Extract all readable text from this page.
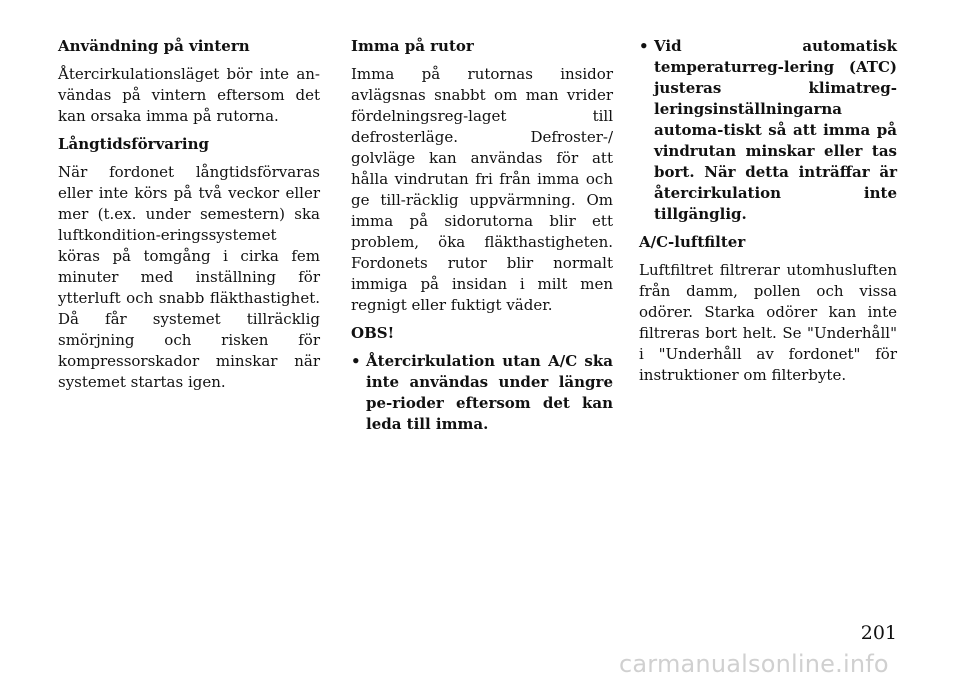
Användning på vintern

Återcirkulationsläget bör inte an-vändas på vintern eftersom det kan orsaka imma på rutorna.

Långtidsförvaring

När fordonet långtidsförvaras eller inte körs på två veckor eller mer (t.ex. under semestern) ska luftkondition-eringssystemet köras på tomgång i cirka fem minuter med inställning för ytterluft och snabb fläkthastighet. Då får systemet tillräcklig smörjning och risken för kompressorskador minskar när systemet startas igen.

Imma på rutor

Imma på rutornas insidor avlägsnas snabbt om man vrider fördelningsreg-laget till defrosterläge. Defroster-/ golvläge kan användas för att hålla vindrutan fri från imma och ge till-räcklig uppvärmning. Om imma på sidorutorna blir ett problem, öka fläkthastigheten. Fordonets rutor blir normalt immiga på insidan i milt men regnigt eller fuktigt väder.

OBS!

• Återcirkulation utan A/C ska inte användas under längre pe-rioder eftersom det kan leda till imma.
• Vid automatisk temperaturreg-lering (ATC) justeras klimatreg-leringsinställningarna automa-tiskt så att imma på vindrutan minskar eller tas bort. När detta inträffar är återcirkulation inte tillgänglig.

A/C-luftfilter

Luftfiltret filtrerar utomhusluften från damm, pollen och vissa odörer. Starka odörer kan inte filtreras bort helt. Se "Underhåll" i "Underhåll av fordonet" för instruktioner om filterbyte.

201
carmanualsonline.info
